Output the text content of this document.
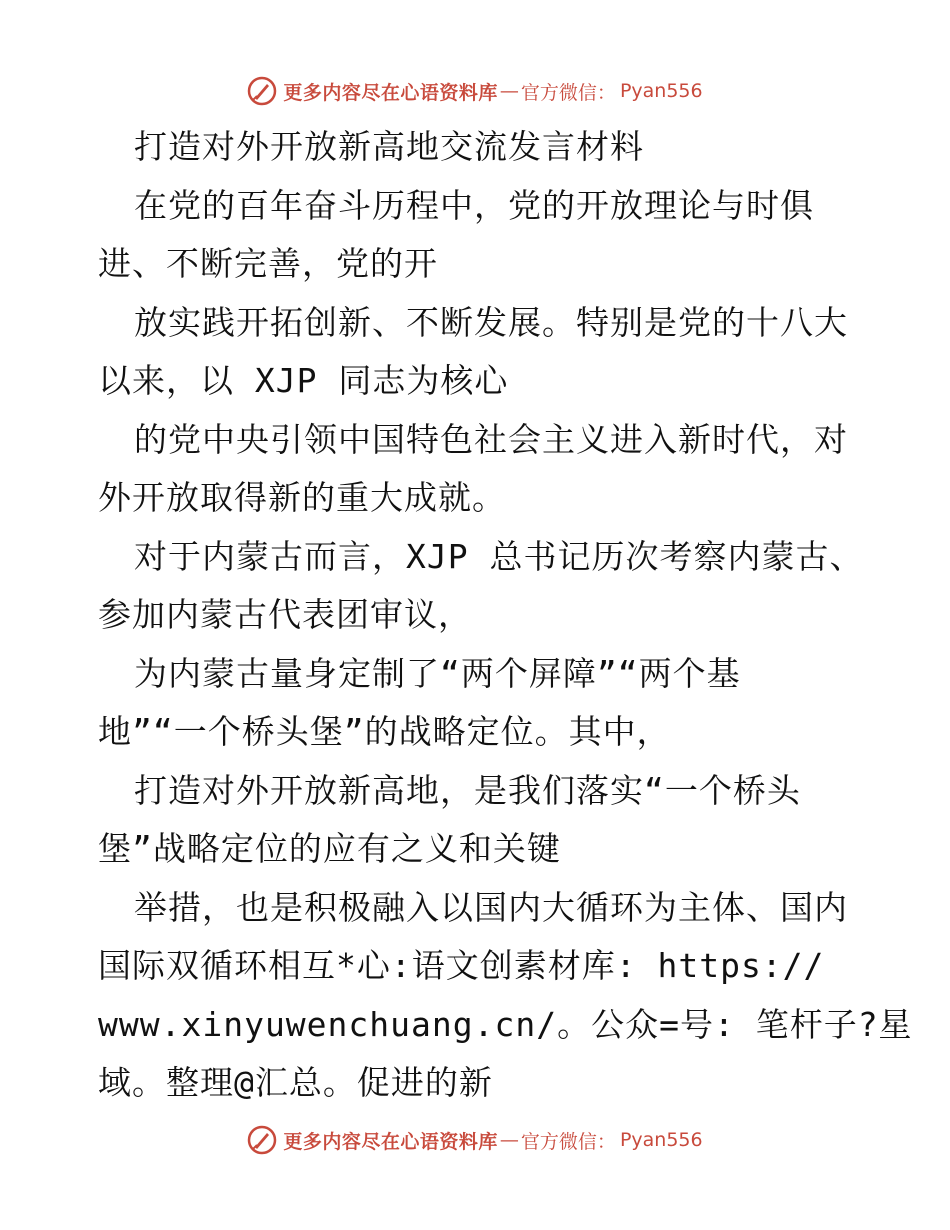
更多内容尽在心语资料库 — 官方微信： Pyan556
打造对外开放新高地交流发言材料
在党的百年奋斗历程中，党的开放理论与时俱
进、不断完善，党的开
放实践开拓创新、不断发展。特别是党的十八大
以来，以 XJP 同志为核心
的党中央引领中国特色社会主义进入新时代，对
外开放取得新的重大成就。
对于内蒙古而言，XJP 总书记历次考察内蒙古、
参加内蒙古代表团审议，
为内蒙古量身定制了“两个屏障”“两个基
地”“一个桥头堡”的战略定位。其中，
打造对外开放新高地，是我们落实“一个桥头
堡”战略定位的应有之义和关键
举措，也是积极融入以国内大循环为主体、国内
国际双循环相互*心:语文创素材库: https://
www.xinyuwenchuang.cn/。公众=号: 笔杆子?星
域。整理@汇总。促进的新
更多内容尽在心语资料库 — 官方微信： Pyan556
